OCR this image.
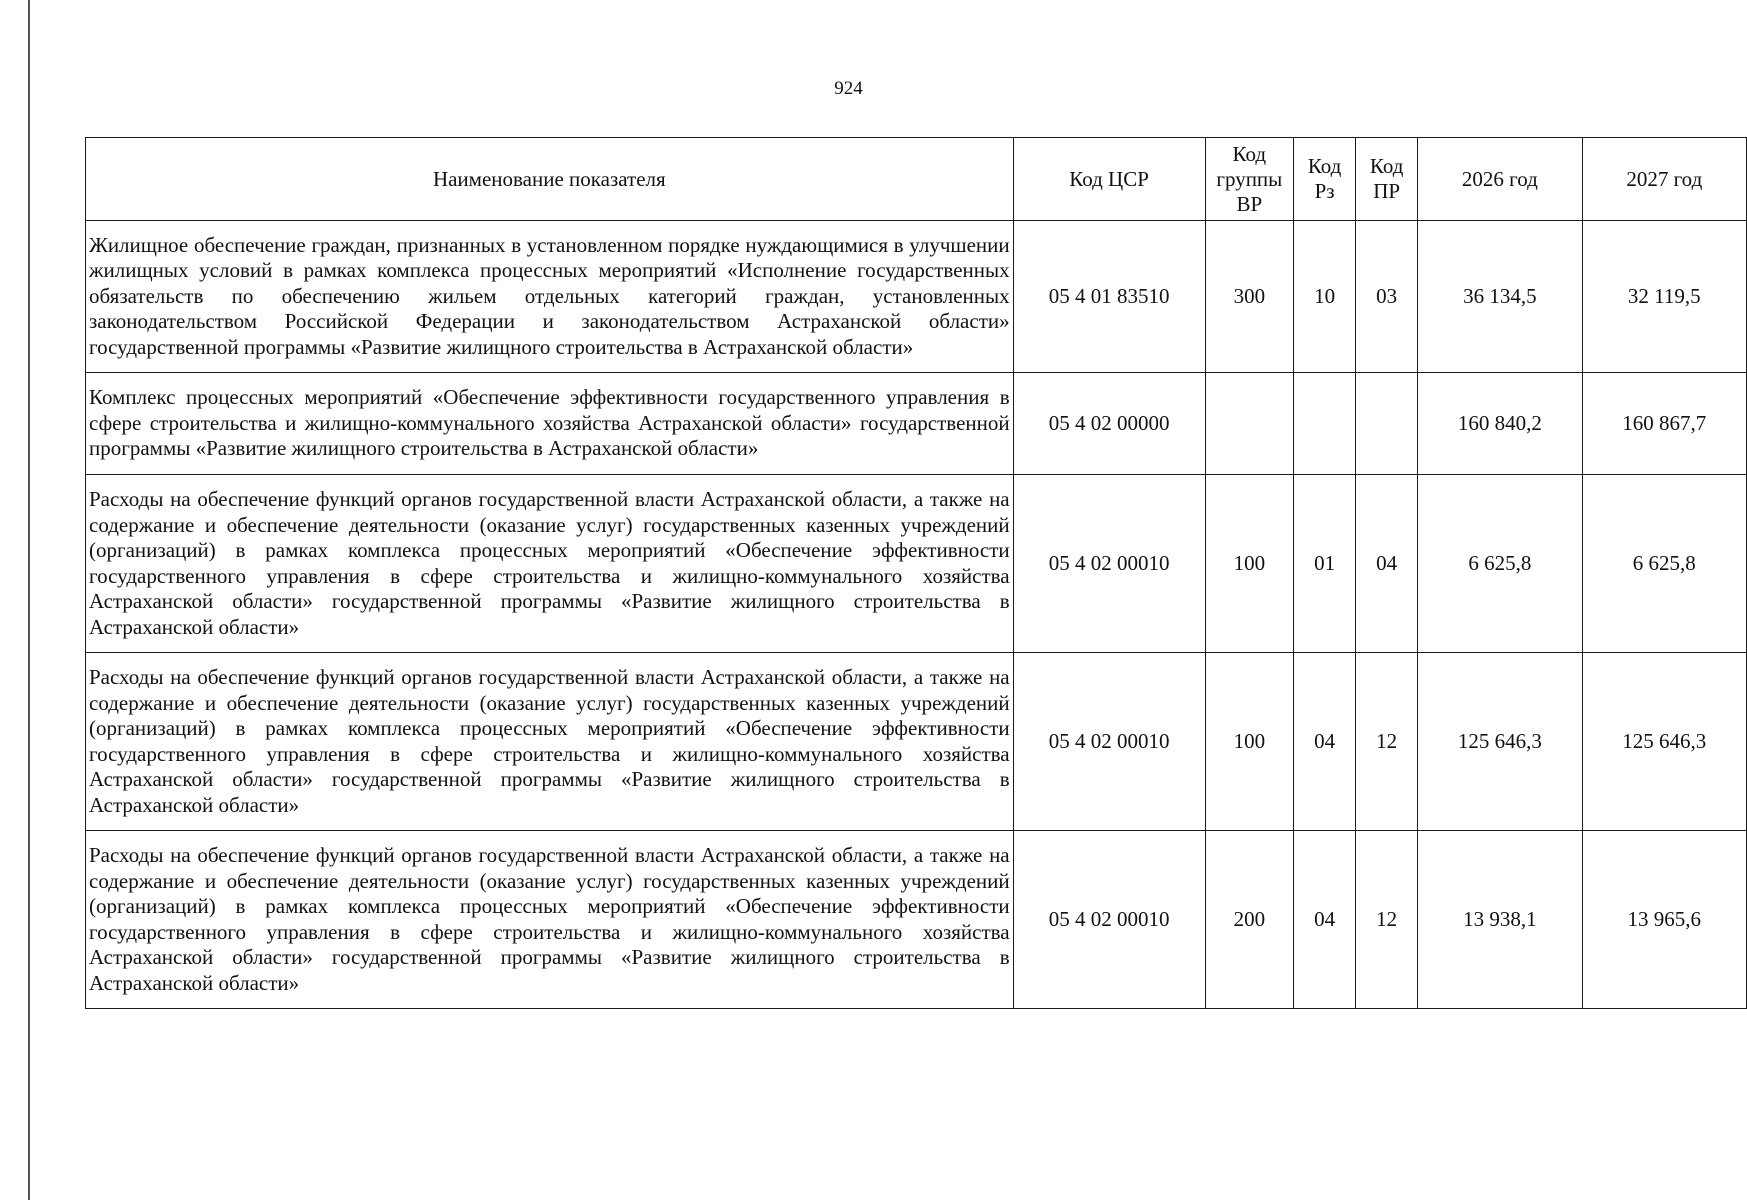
924
Наименование показателя	Код ЦСР	Код группы ВР	Код Рз	Код ПР	2026 год	2027 год
Жилищное обеспечение граждан, признанных в установленном порядке нуждающимися в улучшении жилищных условий в рамках комплекса процессных мероприятий «Исполнение государственных обязательств по обеспечению жильем отдельных категорий граждан, установленных законодательством Российской Федерации и законодательством Астраханской области» государственной программы «Развитие жилищного строительства в Астраханской области»	05 4 01 83510	300	10	03	36 134,5	32 119,5
Комплекс процессных мероприятий «Обеспечение эффективности государственного управления в сфере строительства и жилищно-коммунального хозяйства Астраханской области» государственной программы «Развитие жилищного строительства в Астраханской области»	05 4 02 00000				160 840,2	160 867,7
Расходы на обеспечение функций органов государственной власти Астраханской области, а также на содержание и обеспечение деятельности (оказание услуг) государственных казенных учреждений (организаций) в рамках комплекса процессных мероприятий «Обеспечение эффективности государственного управления в сфере строительства и жилищно-коммунального хозяйства Астраханской области» государственной программы «Развитие жилищного строительства в Астраханской области»	05 4 02 00010	100	01	04	6 625,8	6 625,8
Расходы на обеспечение функций органов государственной власти Астраханской области, а также на содержание и обеспечение деятельности (оказание услуг) государственных казенных учреждений (организаций) в рамках комплекса процессных мероприятий «Обеспечение эффективности государственного управления в сфере строительства и жилищно-коммунального хозяйства Астраханской области» государственной программы «Развитие жилищного строительства в Астраханской области»	05 4 02 00010	100	04	12	125 646,3	125 646,3
Расходы на обеспечение функций органов государственной власти Астраханской области, а также на содержание и обеспечение деятельности (оказание услуг) государственных казенных учреждений (организаций) в рамках комплекса процессных мероприятий «Обеспечение эффективности государственного управления в сфере строительства и жилищно-коммунального хозяйства Астраханской области» государственной программы «Развитие жилищного строительства в Астраханской области»	05 4 02 00010	200	04	12	13 938,1	13 965,6
